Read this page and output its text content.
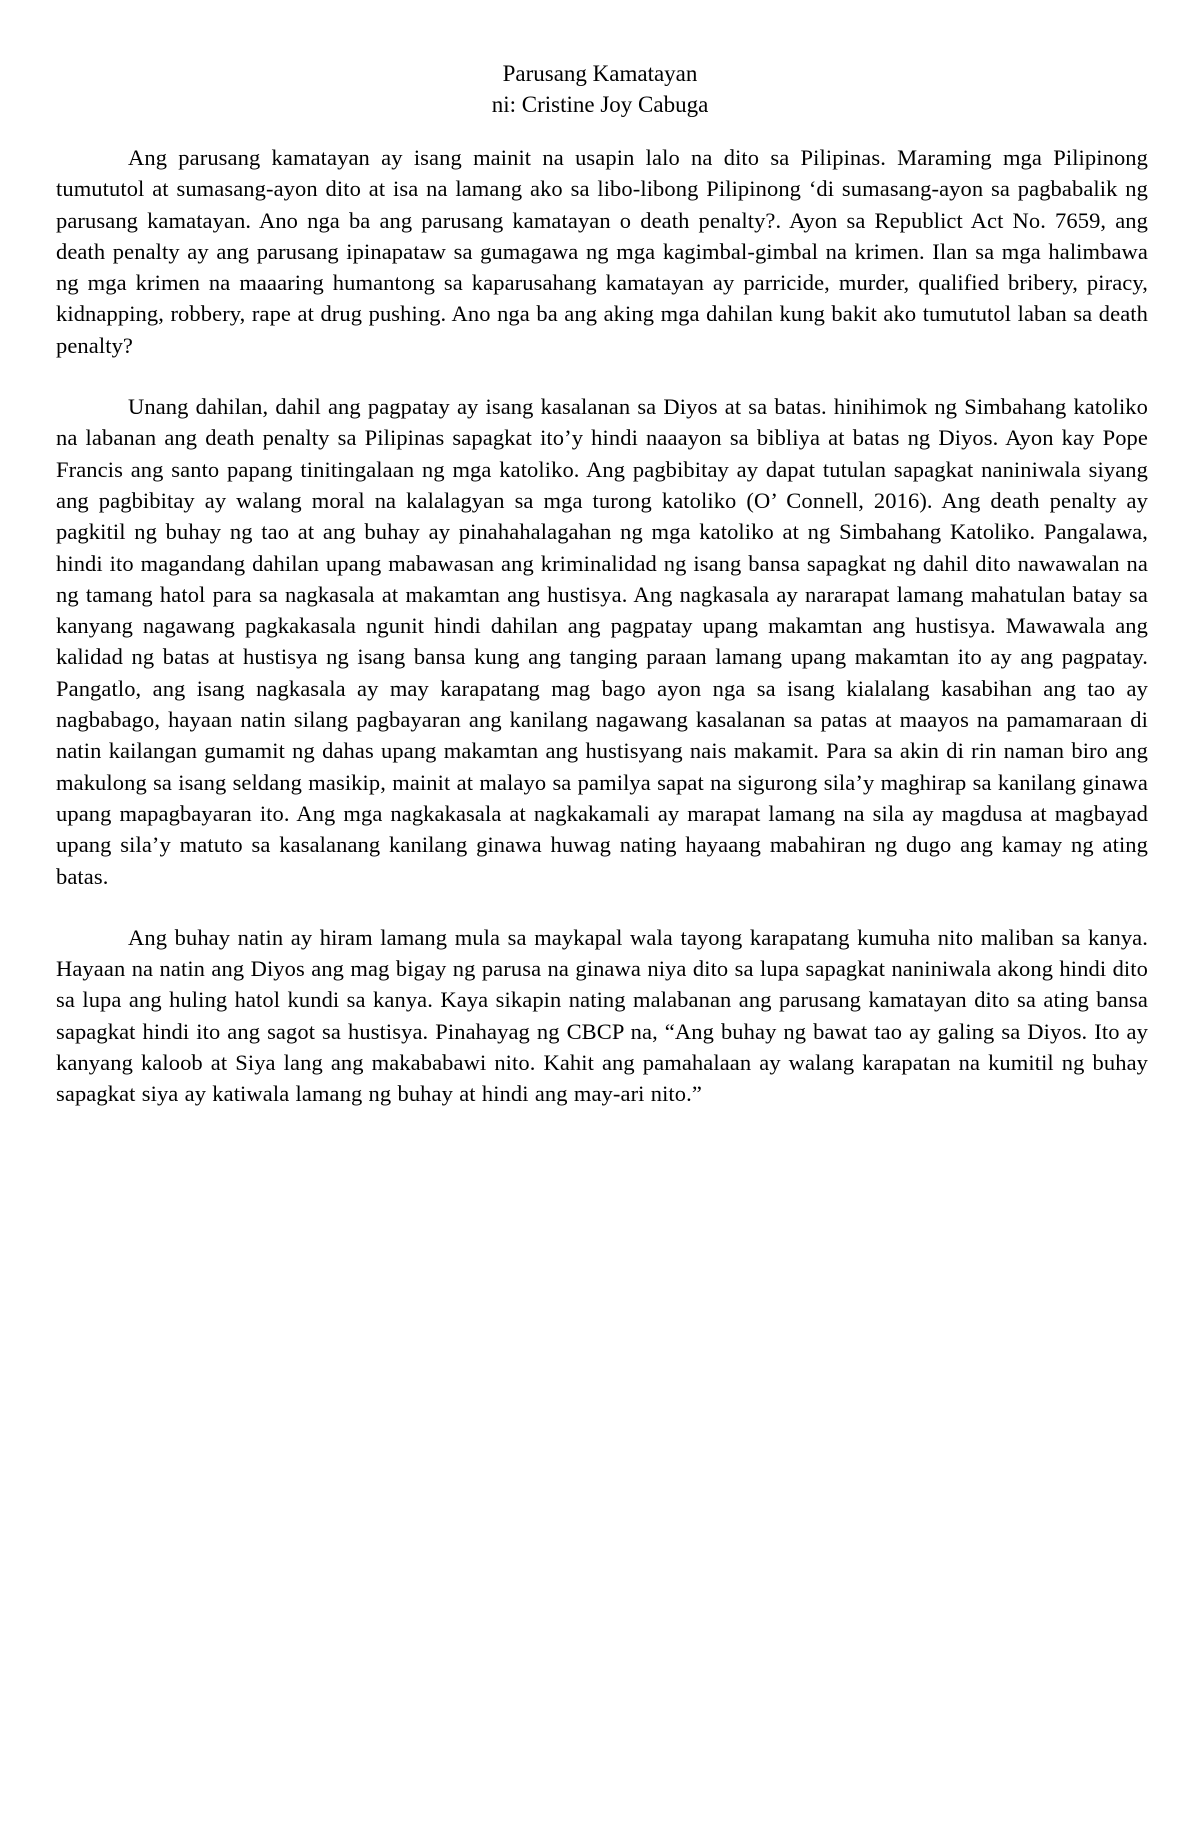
Parusang Kamatayan
ni: Cristine Joy Cabuga

Ang parusang kamatayan ay isang mainit na usapin lalo na dito sa Pilipinas. Maraming mga Pilipinong tumututol at sumasang-ayon dito at isa na lamang ako sa libo-libong Pilipinong ‘di sumasang-ayon sa pagbabalik ng parusang kamatayan. Ano nga ba ang parusang kamatayan o death penalty?. Ayon sa Republict Act No. 7659, ang death penalty ay ang parusang ipinapataw sa gumagawa ng mga kagimbal-gimbal na krimen. Ilan sa mga halimbawa ng mga krimen na maaaring humantong sa kaparusahang kamatayan ay parricide, murder, qualified bribery, piracy, kidnapping, robbery, rape at drug pushing. Ano nga ba ang aking mga dahilan kung bakit ako tumututol laban sa death penalty?

Unang dahilan, dahil ang pagpatay ay isang kasalanan sa Diyos at sa batas. hinihimok ng Simbahang katoliko na labanan ang death penalty sa Pilipinas sapagkat ito’y hindi naaayon sa bibliya at batas ng Diyos. Ayon kay Pope Francis ang santo papang tinitingalaan ng mga katoliko. Ang pagbibitay ay dapat tutulan sapagkat naniniwala siyang ang pagbibitay ay walang moral na kalalagyan sa mga turong katoliko (O’ Connell, 2016). Ang death penalty ay pagkitil ng buhay ng tao at ang buhay ay pinahahalagahan ng mga katoliko at ng Simbahang Katoliko. Pangalawa, hindi ito magandang dahilan upang mabawasan ang kriminalidad ng isang bansa sapagkat ng dahil dito nawawalan na ng tamang hatol para sa nagkasala at makamtan ang hustisya. Ang nagkasala ay nararapat lamang mahatulan batay sa kanyang nagawang pagkakasala ngunit hindi dahilan ang pagpatay upang makamtan ang hustisya. Mawawala ang kalidad ng batas at hustisya ng isang bansa kung ang tanging paraan lamang upang makamtan ito ay ang pagpatay. Pangatlo, ang isang nagkasala ay may karapatang mag bago ayon nga sa isang kialalang kasabihan ang tao ay nagbabago, hayaan natin silang pagbayaran ang kanilang nagawang kasalanan sa patas at maayos na pamamaraan di natin kailangan gumamit ng dahas upang makamtan ang hustisyang nais makamit. Para sa akin di rin naman biro ang makulong sa isang seldang masikip, mainit at malayo sa pamilya sapat na sigurong sila’y maghirap sa kanilang ginawa upang mapagbayaran ito. Ang mga nagkakasala at nagkakamali ay marapat lamang na sila ay magdusa at magbayad upang sila’y matuto sa kasalanang kanilang ginawa huwag nating hayaang mabahiran ng dugo ang kamay ng ating batas.

Ang buhay natin ay hiram lamang mula sa maykapal wala tayong karapatang kumuha nito maliban sa kanya. Hayaan na natin ang Diyos ang mag bigay ng parusa na ginawa niya dito sa lupa sapagkat naniniwala akong hindi dito sa lupa ang huling hatol kundi sa kanya. Kaya sikapin nating malabanan ang parusang kamatayan dito sa ating bansa sapagkat hindi ito ang sagot sa hustisya. Pinahayag ng CBCP na, “Ang buhay ng bawat tao ay galing sa Diyos. Ito ay kanyang kaloob at Siya lang ang makababawi nito. Kahit ang pamahalaan ay walang karapatan na kumitil ng buhay sapagkat siya ay katiwala lamang ng buhay at hindi ang may-ari nito.”
